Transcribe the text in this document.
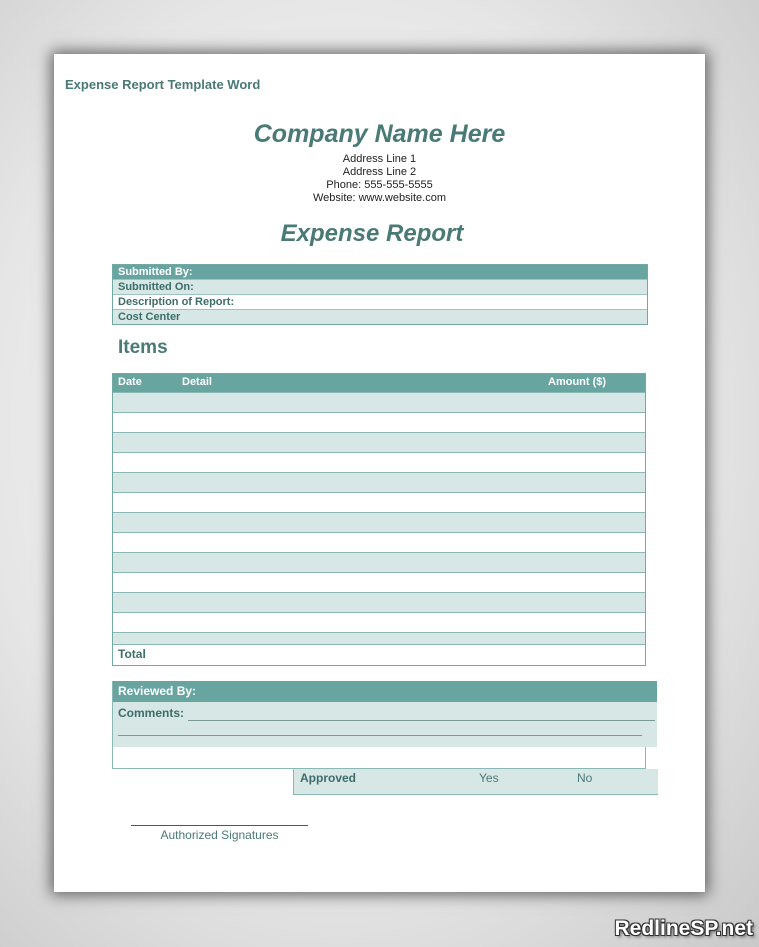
Expense Report Template Word
Company Name Here
Address Line 1
Address Line 2
Phone: 555-555-5555
Website: www.website.com
Expense Report
Submitted By:
Submitted On:
Description of Report:
Cost Center
Items
Date	Detail	Amount ($)
Total
Reviewed By:
Comments:
Approved	Yes	No
Authorized Signatures
RedlineSP.net
